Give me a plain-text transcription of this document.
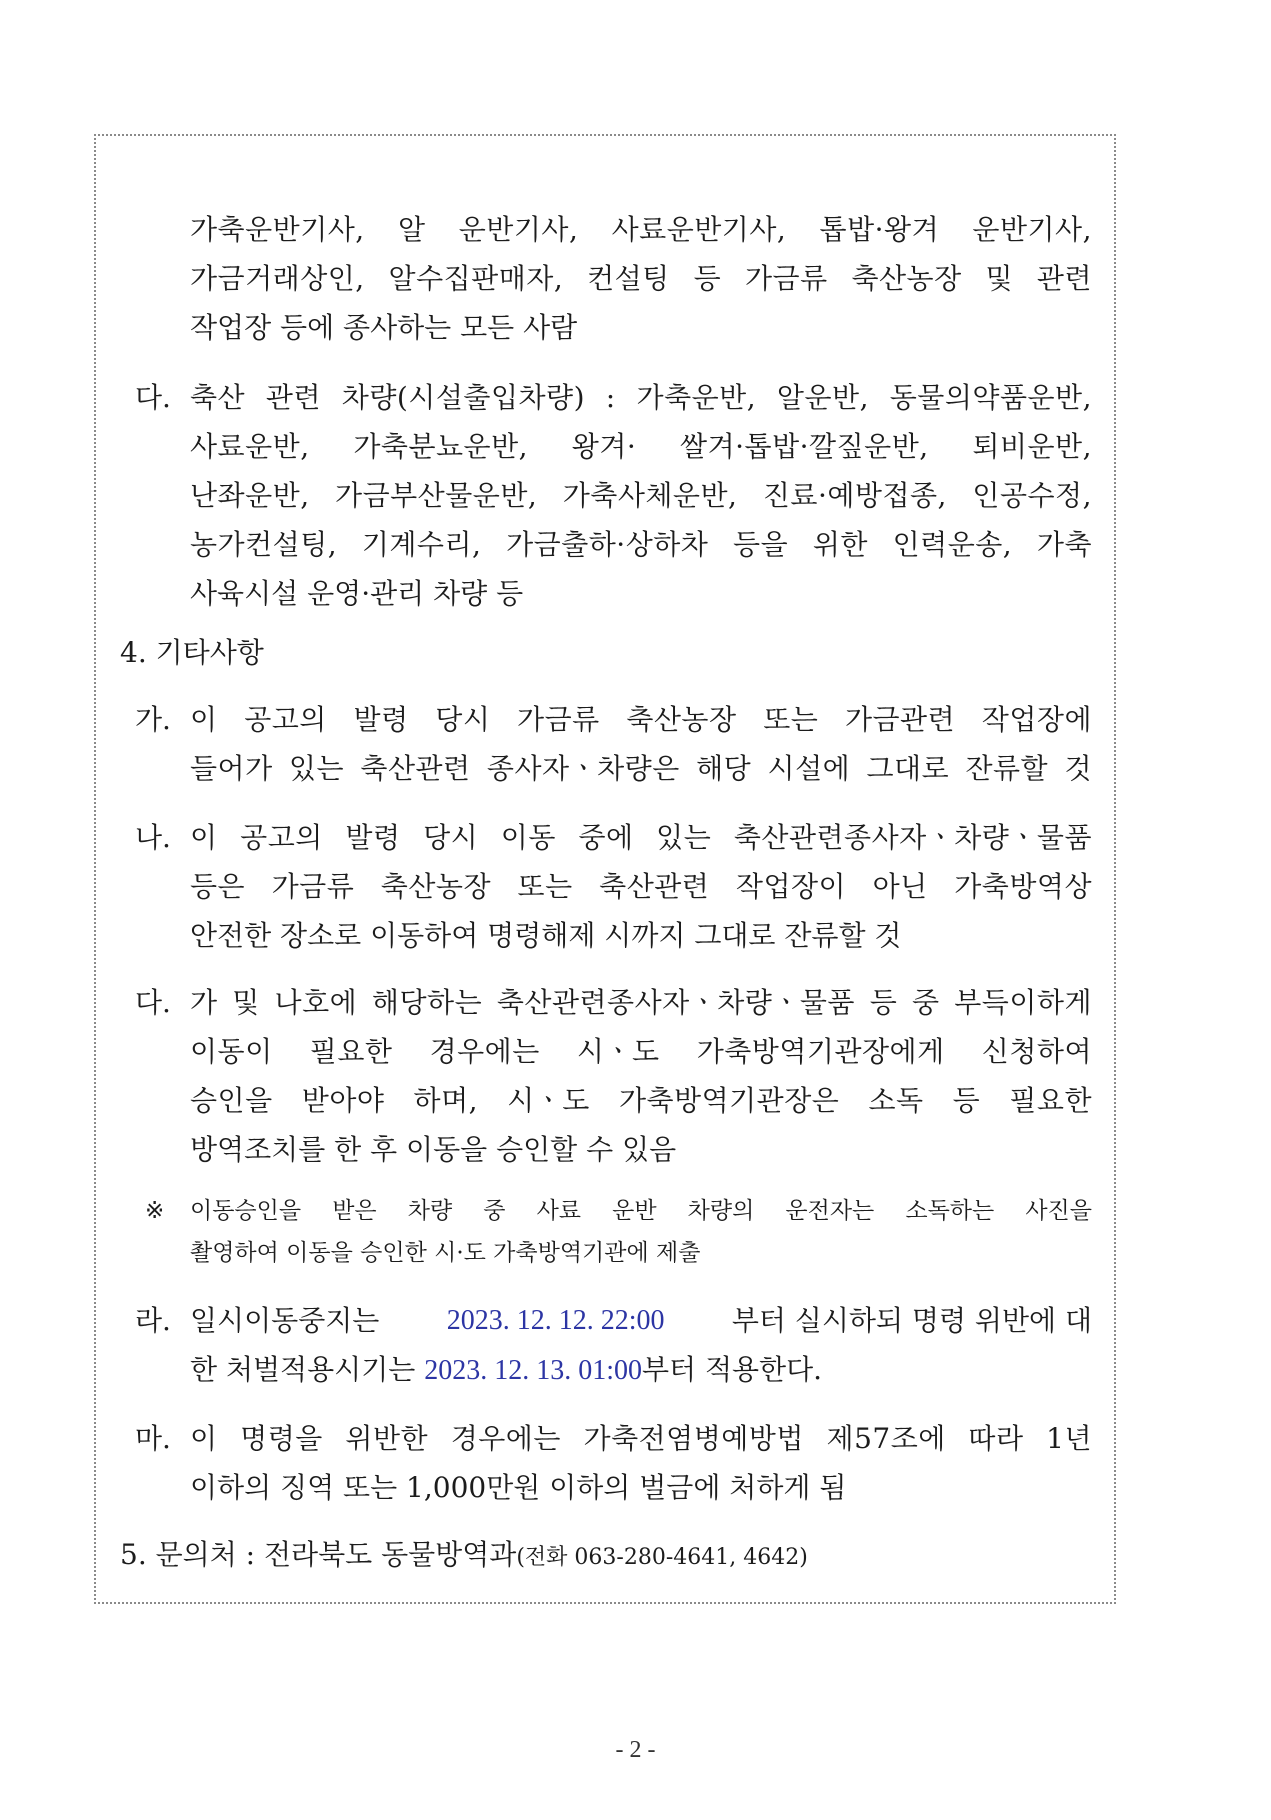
가축운반기사, 알 운반기사, 사료운반기사, 톱밥·왕겨 운반기사,
가금거래상인, 알수집판매자, 컨설팅 등 가금류 축산농장 및 관련
작업장 등에 종사하는 모든 사람
다. 축산 관련 차량(시설출입차량) : 가축운반, 알운반, 동물의약품운반,
사료운반, 가축분뇨운반, 왕겨· 쌀겨·톱밥·깔짚운반, 퇴비운반,
난좌운반, 가금부산물운반, 가축사체운반, 진료·예방접종, 인공수정,
농가컨설팅, 기계수리, 가금출하·상하차 등을 위한 인력운송, 가축
사육시설 운영·관리 차량 등
4. 기타사항
가. 이 공고의 발령 당시 가금류 축산농장 또는 가금관련 작업장에
들어가 있는 축산관련 종사자ㆍ차량은 해당 시설에 그대로 잔류할 것
나. 이 공고의 발령 당시 이동 중에 있는 축산관련종사자ㆍ차량ㆍ물품
등은 가금류 축산농장 또는 축산관련 작업장이 아닌 가축방역상
안전한 장소로 이동하여 명령해제 시까지 그대로 잔류할 것
다. 가 및 나호에 해당하는 축산관련종사자ㆍ차량ㆍ물품 등 중 부득이하게
이동이 필요한 경우에는 시ㆍ도 가축방역기관장에게 신청하여
승인을 받아야 하며, 시ㆍ도 가축방역기관장은 소독 등 필요한
방역조치를 한 후 이동을 승인할 수 있음
※ 이동승인을 받은 차량 중 사료 운반 차량의 운전자는 소독하는 사진을
촬영하여 이동을 승인한 시·도 가축방역기관에 제출
라. 일시이동중지는 2023. 12. 12. 22:00 부터 실시하되 명령 위반에 대
한 처벌적용시기는 2023. 12. 13. 01:00부터 적용한다.
마. 이 명령을 위반한 경우에는 가축전염병예방법 제57조에 따라 1년
이하의 징역 또는 1,000만원 이하의 벌금에 처하게 됨
5. 문의처 : 전라북도 동물방역과(전화 063-280-4641, 4642)
- 2 -
